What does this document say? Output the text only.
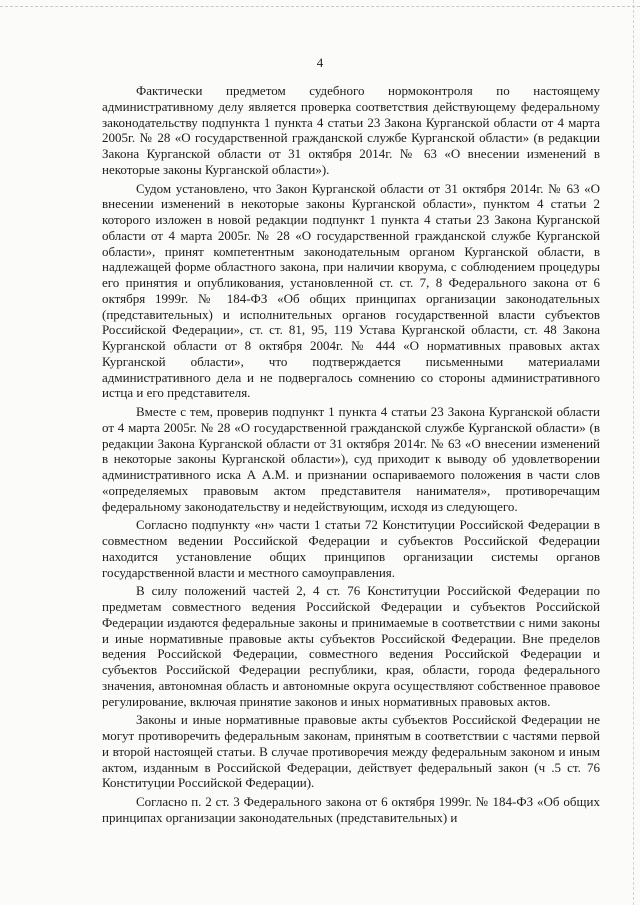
4

Фактически предметом судебного нормоконтроля по настоящему административному делу является проверка соответствия действующему федеральному законодательству подпункта 1 пункта 4 статьи 23 Закона Курганской области от 4 марта 2005г. № 28 «О государственной гражданской службе Курганской области» (в редакции Закона Курганской области от 31 октября 2014г. № 63 «О внесении изменений в некоторые законы Курганской области»).

Судом установлено, что Закон Курганской области от 31 октября 2014г. № 63 «О внесении изменений в некоторые законы Курганской области», пунктом 4 статьи 2 которого изложен в новой редакции подпункт 1 пункта 4 статьи 23 Закона Курганской области от 4 марта 2005г. № 28 «О государственной гражданской службе Курганской области», принят компетентным законодательным органом Курганской области, в надлежащей форме областного закона, при наличии кворума, с соблюдением процедуры его принятия и опубликования, установленной ст. ст. 7, 8 Федерального закона от 6 октября 1999г. № 184-ФЗ «Об общих принципах организации законодательных (представительных) и исполнительных органов государственной власти субъектов Российской Федерации», ст. ст. 81, 95, 119 Устава Курганской области, ст. 48 Закона Курганской области от 8 октября 2004г. № 444 «О нормативных правовых актах Курганской области», что подтверждается письменными материалами административного дела и не подвергалось сомнению со стороны административного истца и его представителя.

Вместе с тем, проверив подпункт 1 пункта 4 статьи 23 Закона Курганской области от 4 марта 2005г. № 28 «О государственной гражданской службе Курганской области» (в редакции Закона Курганской области от 31 октября 2014г. № 63 «О внесении изменений в некоторые законы Курганской области»), суд приходит к выводу об удовлетворении административного иска А А.М. и признании оспариваемого положения в части слов «определяемых правовым актом представителя нанимателя», противоречащим федеральному законодательству и недействующим, исходя из следующего.

Согласно подпункту «н» части 1 статьи 72 Конституции Российской Федерации в совместном ведении Российской Федерации и субъектов Российской Федерации находится установление общих принципов организации системы органов государственной власти и местного самоуправления.

В силу положений частей 2, 4 ст. 76 Конституции Российской Федерации по предметам совместного ведения Российской Федерации и субъектов Российской Федерации издаются федеральные законы и принимаемые в соответствии с ними законы и иные нормативные правовые акты субъектов Российской Федерации. Вне пределов ведения Российской Федерации, совместного ведения Российской Федерации и субъектов Российской Федерации республики, края, области, города федерального значения, автономная область и автономные округа осуществляют собственное правовое регулирование, включая принятие законов и иных нормативных правовых актов.

Законы и иные нормативные правовые акты субъектов Российской Федерации не могут противоречить федеральным законам, принятым в соответствии с частями первой и второй настоящей статьи. В случае противоречия между федеральным законом и иным актом, изданным в Российской Федерации, действует федеральный закон (ч .5 ст. 76 Конституции Российской Федерации).

Согласно п. 2 ст. 3 Федерального закона от 6 октября 1999г. № 184-ФЗ «Об общих принципах организации законодательных (представительных) и
